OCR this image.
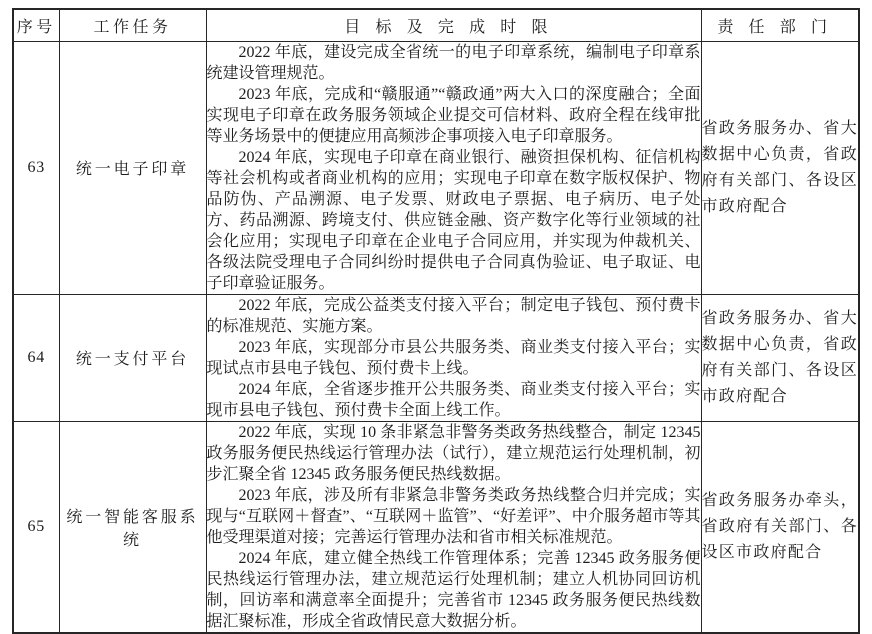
序号	工作任务	目标及完成时限	责任部门
63	统一电子印章	2022 年底，建设完成全省统一的电子印章系统，编制电子印章系统建设管理规范。

2023 年底，完成和“赣服通”“赣政通”两大入口的深度融合；全面实现电子印章在政务服务领域企业提交可信材料、政府全程在线审批等业务场景中的便捷应用高频涉企事项接入电子印章服务。

2024 年底，实现电子印章在商业银行、融资担保机构、征信机构等社会机构或者商业机构的应用；实现电子印章在数字版权保护、物品防伪、产品溯源、电子发票、财政电子票据、电子病历、电子处方、药品溯源、跨境支付、供应链金融、资产数字化等行业领域的社会化应用；实现电子印章在企业电子合同应用，并实现为仲裁机关、各级法院受理电子合同纠纷时提供电子合同真伪验证、电子取证、电子印章验证服务。	省政务服务办、省大数据中心负责，省政府有关部门、各设区市政府配合
64	统一支付平台	2022 年底，完成公益类支付接入平台；制定电子钱包、预付费卡的标准规范、实施方案。

2023 年底，实现部分市县公共服务类、商业类支付接入平台；实现试点市县电子钱包、预付费卡上线。

2024 年底，全省逐步推开公共服务类、商业类支付接入平台；实现市县电子钱包、预付费卡全面上线工作。	省政务服务办、省大数据中心负责，省政府有关部门、各设区市政府配合
65	统一智能客服系统	2022 年底，实现 10 条非紧急非警务类政务热线整合，制定 12345 政务服务便民热线运行管理办法（试行），建立规范运行处理机制，初步汇聚全省 12345 政务服务便民热线数据。

2023 年底，涉及所有非紧急非警务类政务热线整合归并完成；实现与“互联网＋督查”、“互联网＋监管”、“好差评”、中介服务超市等其他受理渠道对接；完善运行管理办法和省市相关标准规范。

2024 年底，建立健全热线工作管理体系；完善 12345 政务服务便民热线运行管理办法，建立规范运行处理机制；建立人机协同回访机制，回访率和满意率全面提升；完善省市 12345 政务服务便民热线数据汇聚标准，形成全省政情民意大数据分析。	省政务服务办牵头，省政府有关部门、各设区市政府配合
